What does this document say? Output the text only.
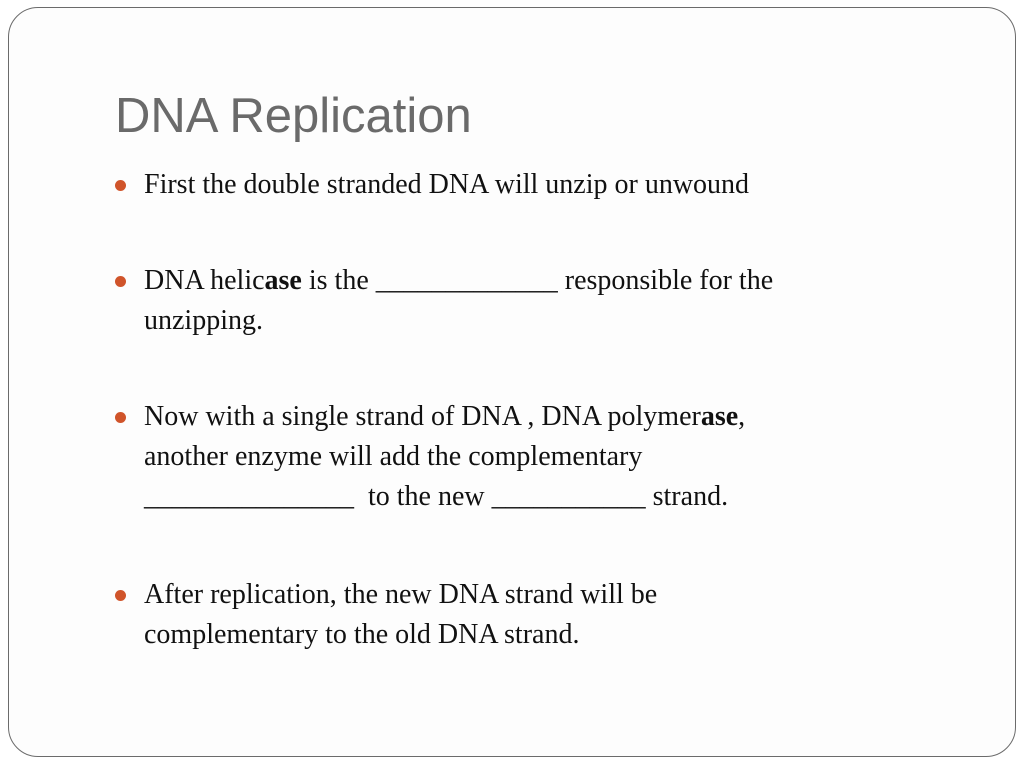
DNA Replication
First the double stranded DNA will unzip or unwound
DNA helicase is the _____________ responsible for the
unzipping.
Now with a single strand of DNA , DNA polymerase,
another enzyme will add the complementary
_______________  to the new ___________ strand.
After replication, the new DNA strand will be
complementary to the old DNA strand.
